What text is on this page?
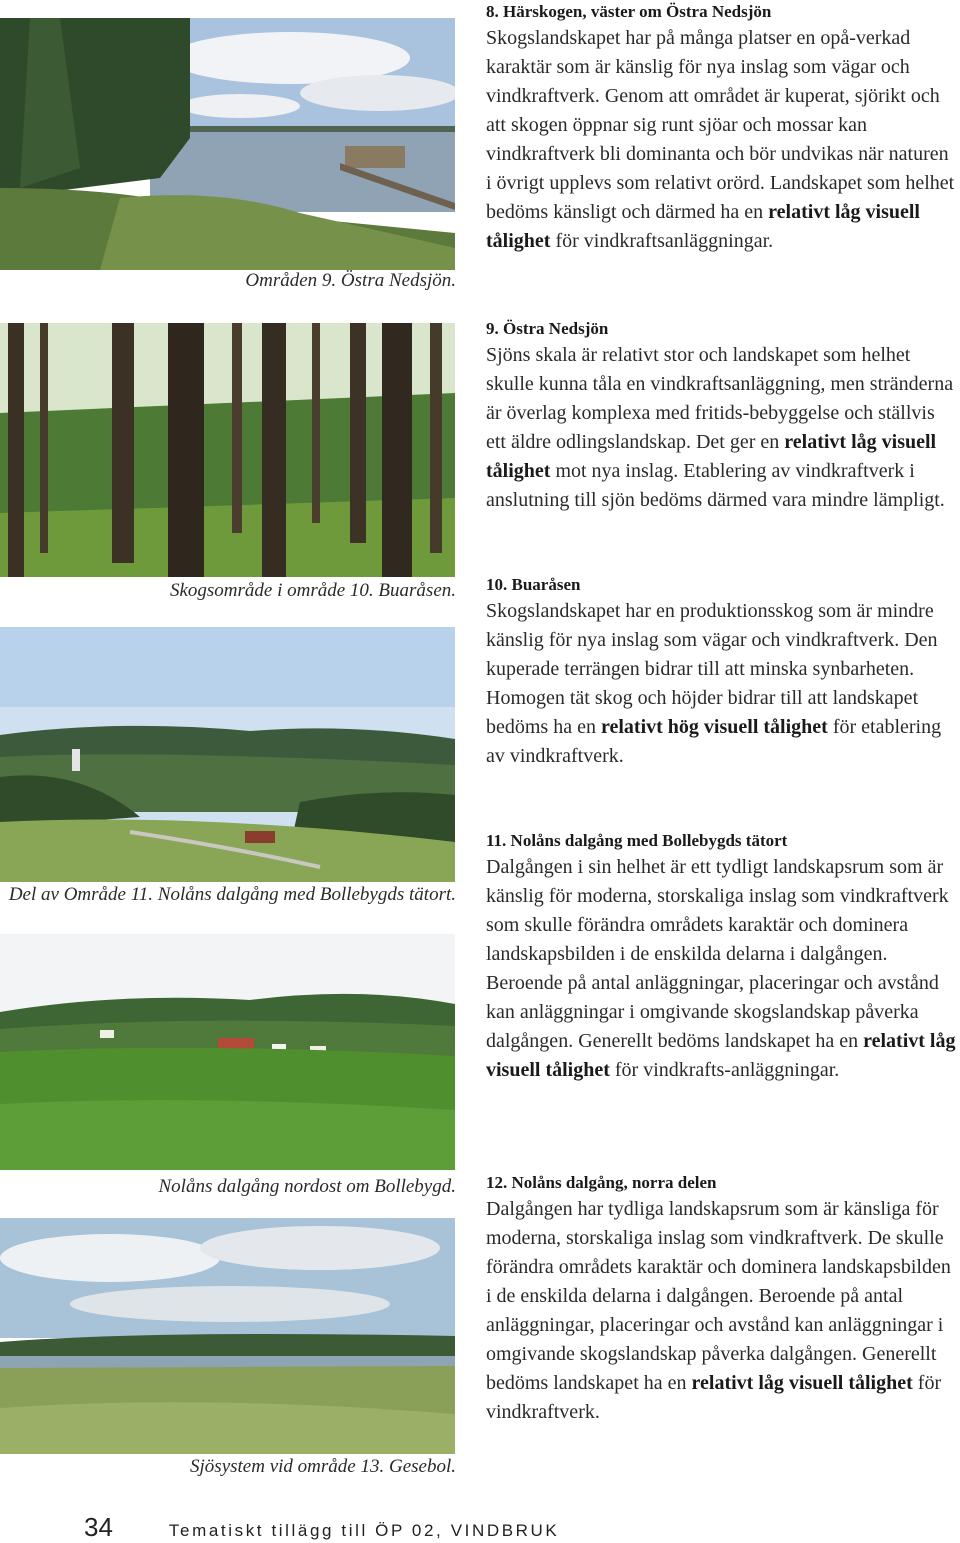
Områden 9. Östra Nedsjön.
Skogsområde i område 10. Buaråsen.
Del av Område 11. Nolåns dalgång med Bollebygds tätort.
Nolåns dalgång nordost om Bollebygd.
Sjösystem vid område 13. Gesebol.
8. Härskogen, väster om Östra Nedsjön

Skogslandskapet har på många platser en opå-verkad karaktär som är känslig för nya inslag som vägar och vindkraftverk. Genom att området är kuperat, sjörikt och att skogen öppnar sig runt sjöar och mossar kan vindkraftverk bli dominanta och bör undvikas när naturen i övrigt upplevs som relativt orörd. Landskapet som helhet bedöms känsligt och därmed ha en relativt låg visuell tålighet för vindkraftsanläggningar.

9. Östra Nedsjön

Sjöns skala är relativt stor och landskapet som helhet skulle kunna tåla en vindkraftsanläggning, men stränderna är överlag komplexa med fritids-bebyggelse och ställvis ett äldre odlingslandskap. Det ger en relativt låg visuell tålighet mot nya inslag. Etablering av vindkraftverk i anslutning till sjön bedöms därmed vara mindre lämpligt.

10. Buaråsen

Skogslandskapet har en produktionsskog som är mindre känslig för nya inslag som vägar och vindkraftverk. Den kuperade terrängen bidrar till att minska synbarheten. Homogen tät skog och höjder bidrar till att landskapet bedöms ha en relativt hög visuell tålighet för etablering av vindkraftverk.

11. Nolåns dalgång med Bollebygds tätort

Dalgången i sin helhet är ett tydligt landskapsrum som är känslig för moderna, storskaliga inslag som vindkraftverk som skulle förändra områdets karaktär och dominera landskapsbilden i de enskilda delarna i dalgången. Beroende på antal anläggningar, placeringar och avstånd kan anläggningar i omgivande skogslandskap påverka dalgången. Generellt bedöms landskapet ha en relativt låg visuell tålighet för vindkrafts-anläggningar.

12. Nolåns dalgång, norra delen

Dalgången har tydliga landskapsrum som är känsliga för moderna, storskaliga inslag som vindkraftverk. De skulle förändra områdets karaktär och dominera landskapsbilden i de enskilda delarna i dalgången. Beroende på antal anläggningar, placeringar och avstånd kan anläggningar i omgivande skogslandskap påverka dalgången. Generellt bedöms landskapet ha en relativt låg visuell tålighet för vindkraftverk.

34	Tematiskt tillägg till ÖP 02, VINDBRUK
